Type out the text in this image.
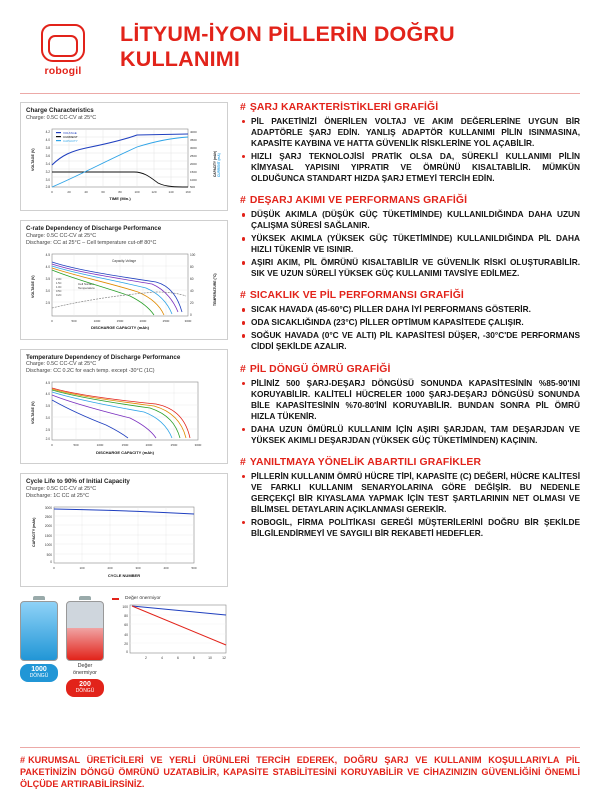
robogil
LİTYUM-İYON PİLLERİN DOĞRU KULLANIMI
Charge Characteristics
Charge: 0.5C CC-CV at 25°C
4.2
4.0
3.8
3.6
3.4
3.2
3.0
2.8
4000
3500
3000
2500
2000
1500
1000
500
0	20	40	60	80	100	120	140	160
TIME (Min.)
VOLTAGE (V)	CAPACITY (mAh) CURRENT (mA)
VOLTAGE
CURRENT
CAPACITY
C-rate Dependency of Discharge Performance
Charge: 0.5C CC-CV at 25°C
Discharge: CC at 25°C – Cell temperature cut-off 80°C
4.5
4.0
3.5
3.0
2.5
100
80
60
40
20
0
0	500	1000	1500	2000	2500	3000
DISCHARGE CAPACITY (mAh)
VOLTAGE (V)	TEMPERATURE (°C)
Capacity-Voltage
Cell Surface
Temperature
2.0C
1.5C
1.0C
0.5C
0.2C
Temperature Dependency of Discharge Performance
Charge: 0.5C CC-CV at 25°C
Discharge: CC 0.2C for each temp. except -30°C (1C)
4.5
4.0
3.5
3.0
2.5
2.0
0	500	1000	1500	2000	2500	3000
DISCHARGE CAPACITY (mAh)
VOLTAGE (V)
Cycle Life to 90% of Initial Capacity
Charge: 0.5C CC-CV at 25°C
Discharge: 1C CC at 25°C
3000
2500
2000
1500
1000
500
0
0	100	200	300	400	500
CYCLE NUMBER
CAPACITY (mAh)
1000
DÖNGÜ
Değer önermiyor
200
DÖNGÜ
Değer önermiyor
100
80
60
40
20
0
2	4	6	8	10	12
# ŞARJ KARAKTERİSTİKLERİ GRAFİĞİ
PİL PAKETİNİZİ ÖNERİLEN VOLTAJ VE AKIM DEĞERLERİNE UYGUN BİR ADAPTÖRLE ŞARJ EDİN. YANLIŞ ADAPTÖR KULLANIMI PİLİN ISINMASINA, KAPASİTE KAYBINA VE HATTA GÜVENLİK RİSKLERİNE YOL AÇABİLİR.
HIZLI ŞARJ TEKNOLOJİSİ PRATİK OLSA DA, SÜREKLİ KULLANIMI PİLİN KİMYASAL YAPISINI YIPRATIR VE ÖMRÜNÜ KISALTABİLİR. MÜMKÜN OLDUĞUNCA STANDART HIZDA ŞARJ ETMEYİ TERCİH EDİN.
# DEŞARJ AKIMI VE PERFORMANS GRAFİĞİ
DÜŞÜK AKIMLA (DÜŞÜK GÜÇ TÜKETİMİNDE) KULLANILDIĞINDA DAHA UZUN ÇALIŞMA SÜRESİ SAĞLANIR.
YÜKSEK AKIMLA (YÜKSEK GÜÇ TÜKETİMİNDE) KULLANILDIĞINDA PİL DAHA HIZLI TÜKENİR VE ISINIR.
AŞIRI AKIM, PİL ÖMRÜNÜ KISALTABİLİR VE GÜVENLİK RİSKİ OLUŞTURABİLİR. SIK VE UZUN SÜRELİ YÜKSEK GÜÇ KULLANIMI TAVSİYE EDİLMEZ.
# SICAKLIK VE PİL PERFORMANSI GRAFİĞİ
SICAK HAVADA (45-60°C) PİLLER DAHA İYİ PERFORMANS GÖSTERİR.
ODA SICAKLIĞINDA (23°C) PİLLER OPTİMUM KAPASİTEDE ÇALIŞIR.
SOĞUK HAVADA (0°C VE ALTI) PİL KAPASİTESİ DÜŞER, -30°C'DE PERFORMANS CİDDİ ŞEKİLDE AZALIR.
# PİL DÖNGÜ ÖMRÜ GRAFİĞİ
PİLİNİZ 500 ŞARJ-DEŞARJ DÖNGÜSÜ SONUNDA KAPASİTESİNİN %85-90'INI KORUYABİLİR. KALİTELİ HÜCRELER 1000 ŞARJ-DEŞARJ DÖNGÜSÜ SONUNDA BİLE KAPASİTESİNİN %70-80'İNİ KORUYABİLİR. BUNDAN SONRA PİL ÖMRÜ HIZLA TÜKENİR.
DAHA UZUN ÖMÜRLÜ KULLANIM İÇİN AŞIRI ŞARJDAN, TAM DEŞARJDAN VE YÜKSEK AKIMLI DEŞARJDAN (YÜKSEK GÜÇ TÜKETİMİNDEN) KAÇININ.
# YANILTMAYA YÖNELİK ABARTILI GRAFİKLER
PİLLERİN KULLANIM ÖMRÜ HÜCRE TİPİ, KAPASİTE (C) DEĞERİ, HÜCRE KALİTESİ VE FARKLI KULLANIM SENARYOLARINA GÖRE DEĞİŞİR. BU NEDENLE GERÇEKÇİ BİR KIYASLAMA YAPMAK İÇİN TEST ŞARTLARININ NET OLMASI VE BİLİMSEL DETAYLARIN AÇIKLANMASI GEREKİR.
ROBOGİL, FİRMA POLİTİKASI GEREĞİ MÜŞTERİLERİNİ DOĞRU BİR ŞEKİLDE BİLGİLENDİRMEYİ VE SAYGILI BİR REKABETİ HEDEFLER.
# KURUMSAL ÜRETİCİLERİ VE YERLİ ÜRÜNLERİ TERCİH EDEREK, DOĞRU ŞARJ VE KULLANIM KOŞULLARIYLA PİL PAKETİNİZİN DÖNGÜ ÖMRÜNÜ UZATABİLİR, KAPASİTE STABİLİTESİNİ KORUYABİLİR VE CİHAZINIZIN GÜVENLİĞİNİ ÖNEMLİ ÖLÇÜDE ARTIRABİLİRSİNİZ.
